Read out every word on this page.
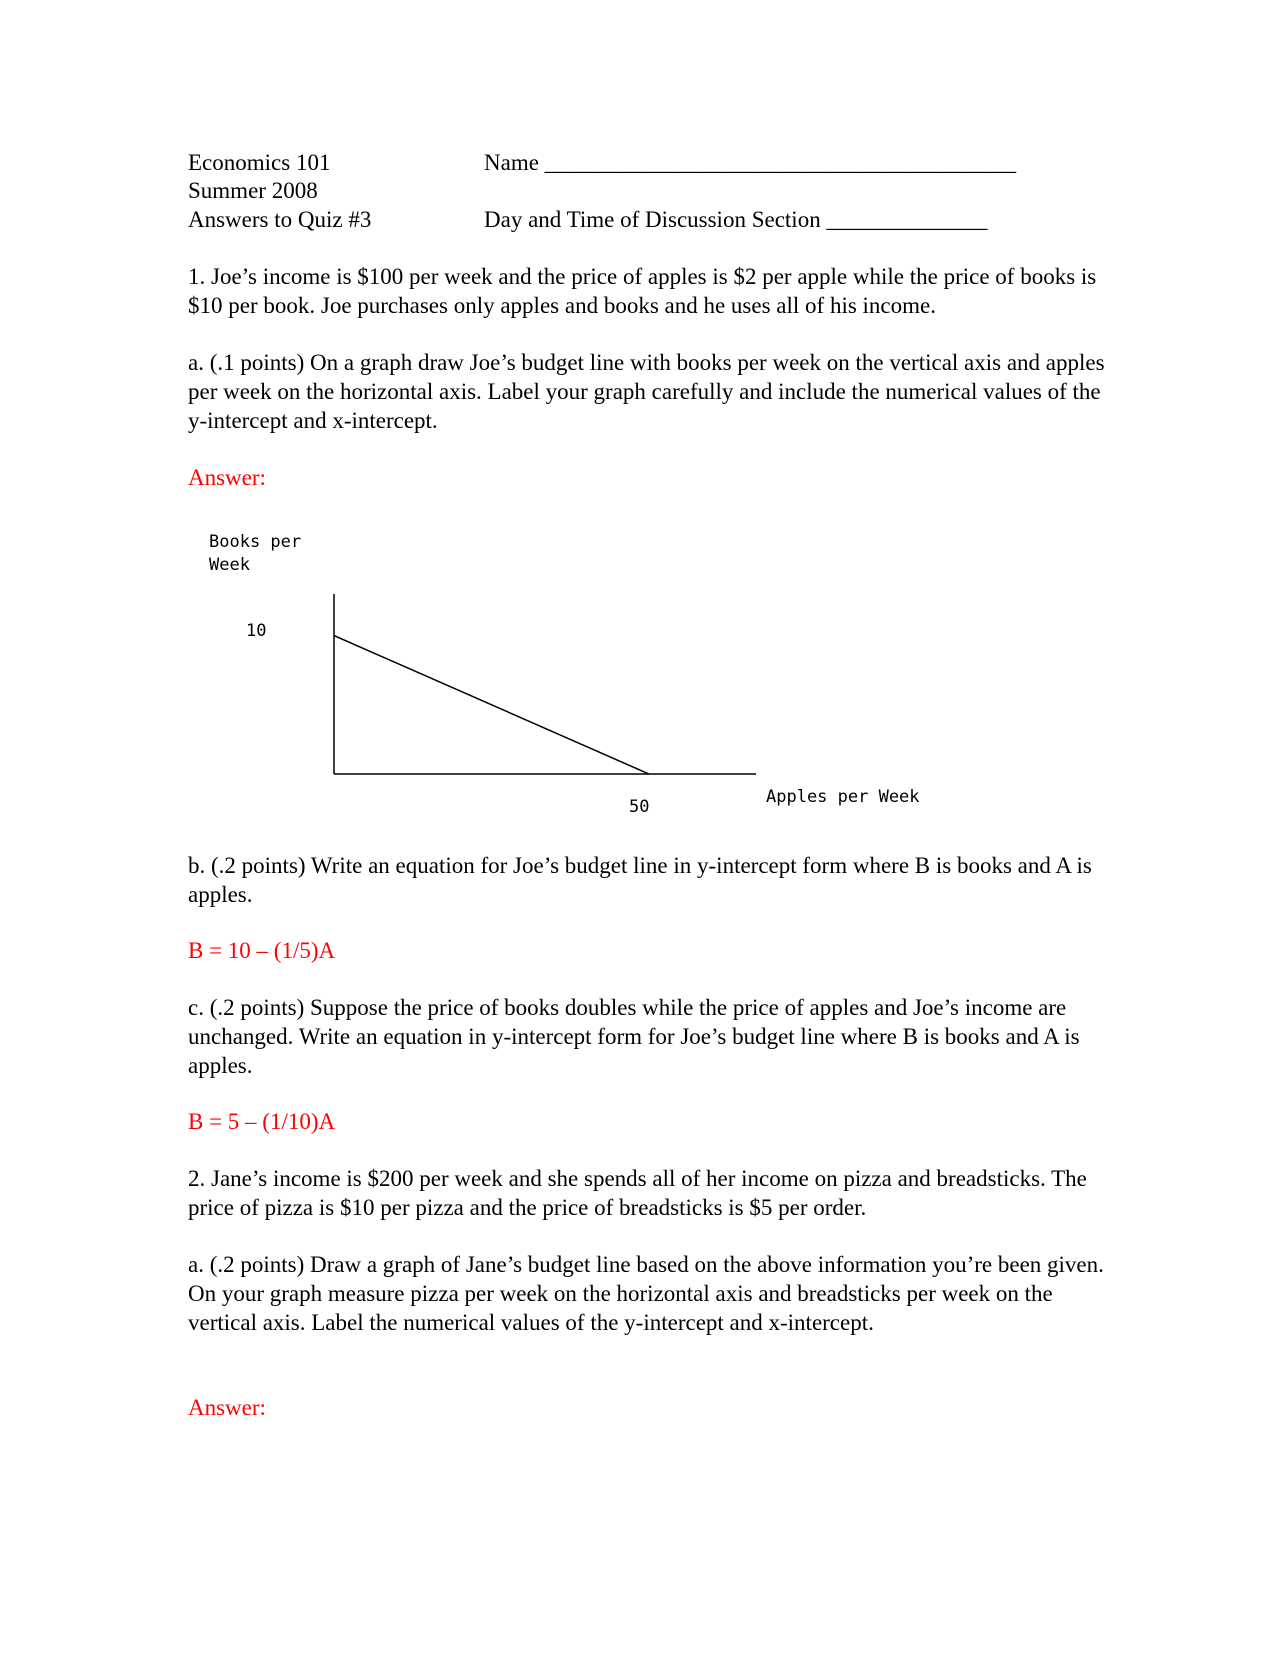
Economics 101
Summer 2008
Answers to Quiz #3
Name _________________________________________
Day and Time of Discussion Section ______________
1. Joe’s income is $100 per week and the price of apples is $2 per apple while the price of books is $10 per book. Joe purchases only apples and books and he uses all of his income.
a. (.1 points) On a graph draw Joe’s budget line with books per week on the vertical axis and apples per week on the horizontal axis. Label your graph carefully and include the numerical values of the y-intercept and x-intercept.
Answer:
Books per
Week
10
50	Apples per Week
b. (.2 points) Write an equation for Joe’s budget line in y-intercept form where B is books and A is apples.
B = 10 – (1/5)A
c. (.2 points) Suppose the price of books doubles while the price of apples and Joe’s income are unchanged. Write an equation in y-intercept form for Joe’s budget line where B is books and A is apples.
B = 5 – (1/10)A
2. Jane’s income is $200 per week and she spends all of her income on pizza and breadsticks. The price of pizza is $10 per pizza and the price of breadsticks is $5 per order.
a. (.2 points) Draw a graph of Jane’s budget line based on the above information you’re been given. On your graph measure pizza per week on the horizontal axis and breadsticks per week on the vertical axis. Label the numerical values of the y-intercept and x-intercept.
Answer:
